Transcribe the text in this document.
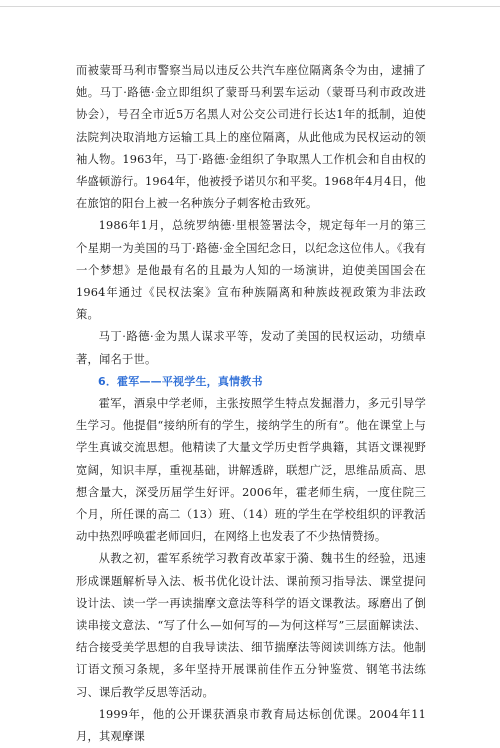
而被蒙哥马利市警察当局以违反公共汽车座位隔离条令为由，逮捕了她。马丁·路德·金立即组织了蒙哥马利罢车运动（蒙哥马利市政改进协会），号召全市近5万名黑人对公交公司进行长达1年的抵制，迫使法院判决取消地方运输工具上的座位隔离，从此他成为民权运动的领袖人物。1963年，马丁·路德·金组织了争取黑人工作机会和自由权的华盛顿游行。1964年，他被授予诺贝尔和平奖。1968年4月4日，他在旅馆的阳台上被一名种族分子刺客枪击致死。

1986年1月，总统罗纳德·里根签署法令，规定每年一月的第三个星期一为美国的马丁·路德·金全国纪念日，以纪念这位伟人。《我有一个梦想》是他最有名的且最为人知的一场演讲，迫使美国国会在1964年通过《民权法案》宣布种族隔离和种族歧视政策为非法政策。

马丁·路德·金为黑人谋求平等，发动了美国的民权运动，功绩卓著，闻名于世。

6．霍军——平视学生，真情教书

霍军，酒泉中学老师，主张按照学生特点发掘潜力，多元引导学生学习。他提倡“接纳所有的学生，接纳学生的所有”。他在课堂上与学生真诚交流思想。他精读了大量文学历史哲学典籍，其语文课视野宽阔，知识丰厚，重视基础，讲解透辟，联想广泛，思维品质高、思想含量大，深受历届学生好评。2006年，霍老师生病，一度住院三个月，所任课的高二（13）班、（14）班的学生在学校组织的评教活动中热烈呼唤霍老师回归，在网络上也发表了不少热情赞扬。

从教之初，霍军系统学习教育改革家于漪、魏书生的经验，迅速形成课题解析导入法、板书优化设计法、课前预习指导法、课堂提问设计法、读一学一再读揣摩文意法等科学的语文课教法。琢磨出了倒读串接文意法、“写了什么—如何写的—为何这样写”三层面解读法、结合接受美学思想的自我导读法、细节揣摩法等阅读训练方法。他制订语文预习条规，多年坚持开展课前佳作五分钟鉴赏、钢笔书法练习、课后教学反思等活动。

1999年，他的公开课获酒泉市教育局达标创优课。2004年11月，其观摩课
